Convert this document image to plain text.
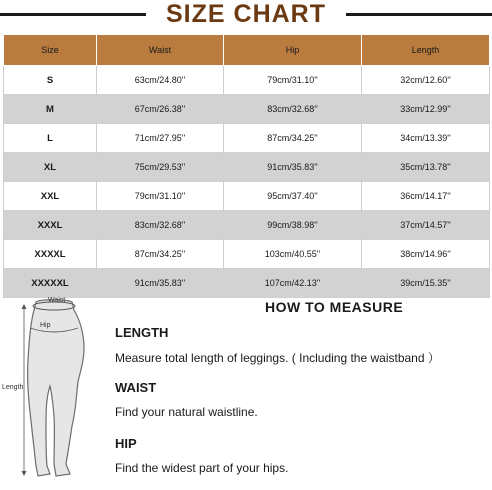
SIZE CHART
Size	Waist	Hip	Length
S	63cm/24.80''	79cm/31.10''	32cm/12.60''
M	67cm/26.38''	83cm/32.68''	33cm/12.99''
L	71cm/27.95''	87cm/34.25''	34cm/13.39''
XL	75cm/29.53''	91cm/35.83''	35cm/13.78''
XXL	79cm/31.10''	95cm/37.40''	36cm/14.17''
XXXL	83cm/32.68''	99cm/38.98''	37cm/14.57''
XXXXL	87cm/34.25''	103cm/40.55''	38cm/14.96''
XXXXXL	91cm/35.83''	107cm/42.13''	39cm/15.35''
Waist
Hip
Length
HOW TO MEASURE
LENGTH
Measure total length of leggings. ( Including the waistband ）
WAIST
Find your natural waistline.
HIP
Find the widest part of your hips.
